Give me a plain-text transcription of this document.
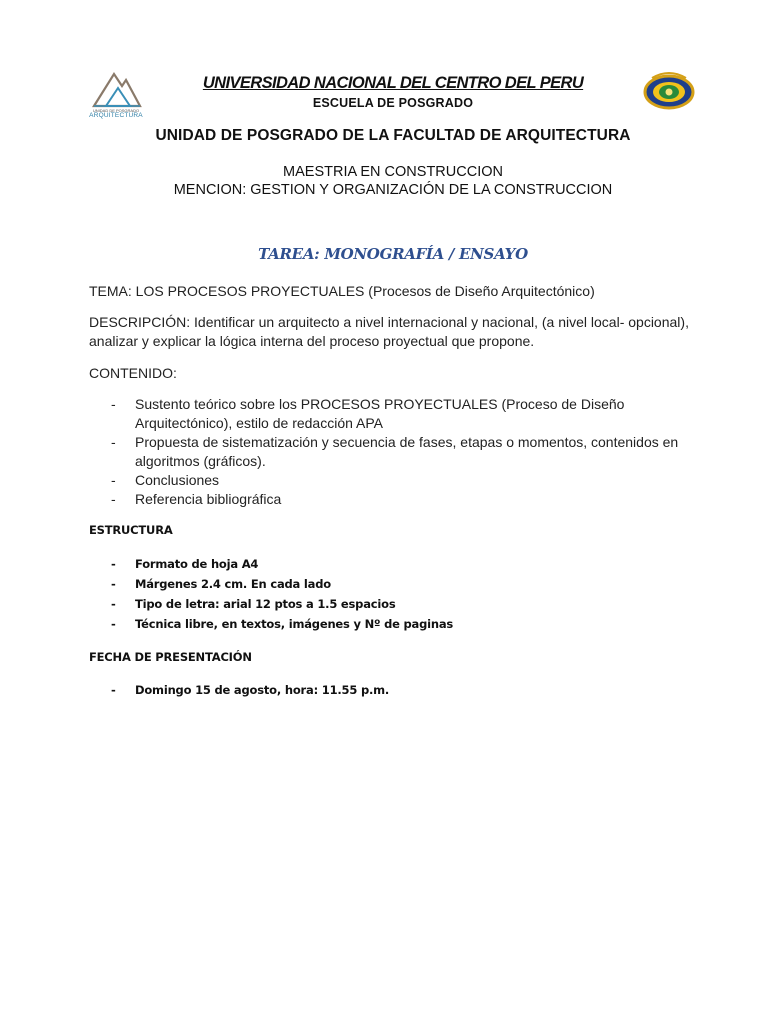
UNIDAD DE POSGRADO
ARQUITECTURA
UNIVERSIDAD NACIONAL DEL CENTRO DEL PERU
ESCUELA DE POSGRADO
UNIDAD DE POSGRADO DE LA FACULTAD DE ARQUITECTURA
MAESTRIA EN CONSTRUCCION
MENCION: GESTION Y ORGANIZACIÓN DE LA CONSTRUCCION
TAREA: MONOGRAFÍA / ENSAYO
TEMA: LOS PROCESOS PROYECTUALES (Procesos de Diseño Arquitectónico)
DESCRIPCIÓN: Identificar un arquitecto a nivel internacional y nacional, (a nivel local- opcional), analizar y explicar la lógica interna del proceso proyectual que propone.
CONTENIDO:
- Sustento teórico sobre los PROCESOS PROYECTUALES (Proceso de Diseño Arquitectónico), estilo de redacción APA
- Propuesta de sistematización y secuencia de fases, etapas o momentos, contenidos en algoritmos (gráficos).
- Conclusiones
- Referencia bibliográfica
ESTRUCTURA
- Formato de hoja A4
- Márgenes 2.4 cm. En cada lado
- Tipo de letra: arial 12 ptos a 1.5 espacios
- Técnica libre, en textos, imágenes y Nº de paginas
FECHA DE PRESENTACIÓN
- Domingo 15 de agosto, hora: 11.55 p.m.
